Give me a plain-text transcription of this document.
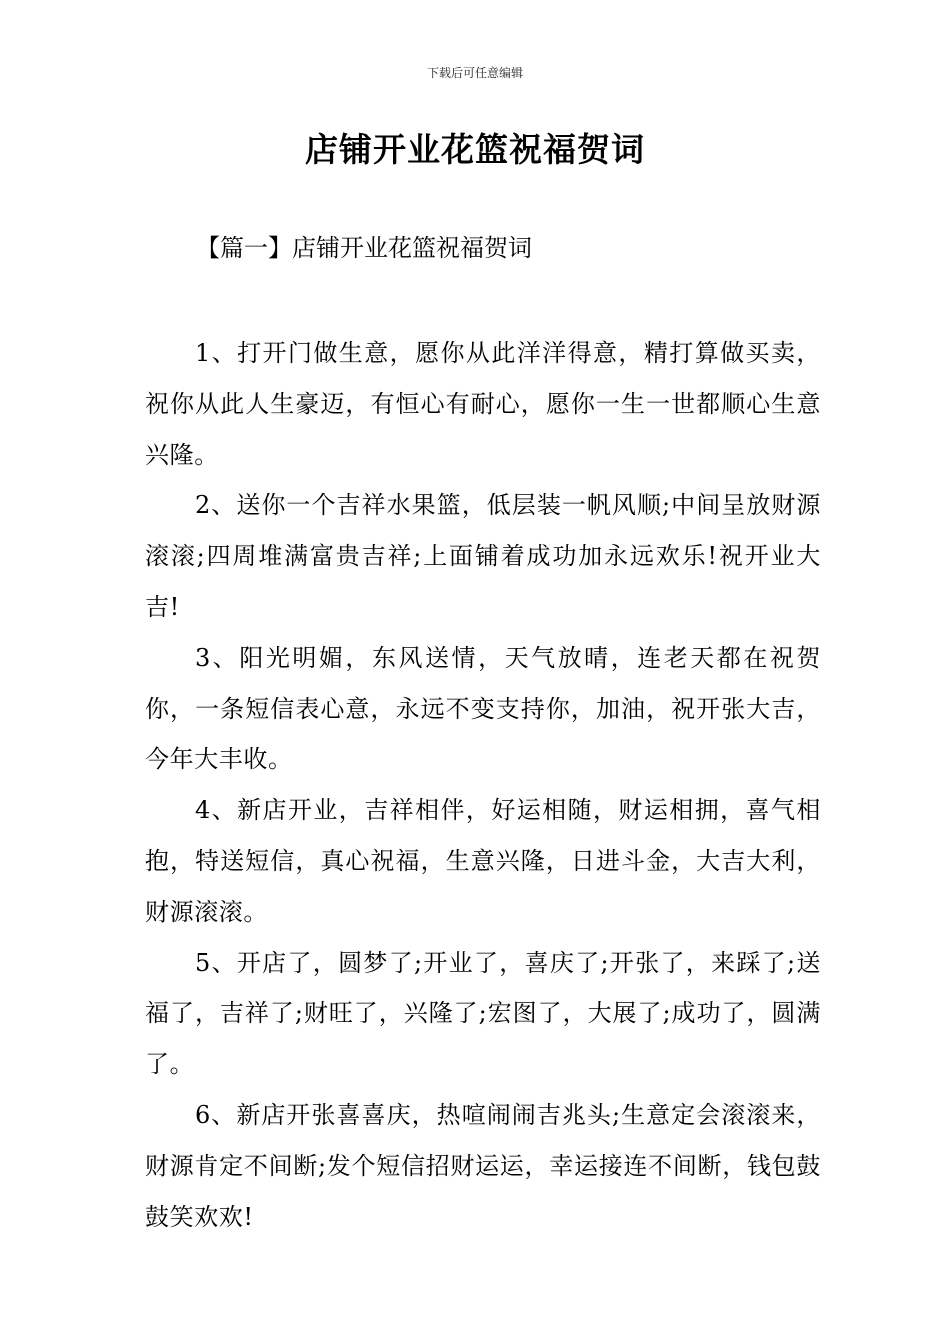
下载后可任意编辑
店铺开业花篮祝福贺词
【篇一】店铺开业花篮祝福贺词

1、打开门做生意，愿你从此洋洋得意，精打算做买卖，祝你从此人生豪迈，有恒心有耐心，愿你一生一世都顺心生意兴隆。

2、送你一个吉祥水果篮，低层装一帆风顺;中间呈放财源滚滚;四周堆满富贵吉祥;上面铺着成功加永远欢乐!祝开业大吉!

3、阳光明媚，东风送情，天气放晴，连老天都在祝贺你，一条短信表心意，永远不变支持你，加油，祝开张大吉，今年大丰收。

4、新店开业，吉祥相伴，好运相随，财运相拥，喜气相抱，特送短信，真心祝福，生意兴隆，日进斗金，大吉大利，财源滚滚。

5、开店了，圆梦了;开业了，喜庆了;开张了，来踩了;送福了，吉祥了;财旺了，兴隆了;宏图了，大展了;成功了，圆满了。

6、新店开张喜喜庆，热喧闹闹吉兆头;生意定会滚滚来，财源肯定不间断;发个短信招财运运，幸运接连不间断，钱包鼓鼓笑欢欢!
